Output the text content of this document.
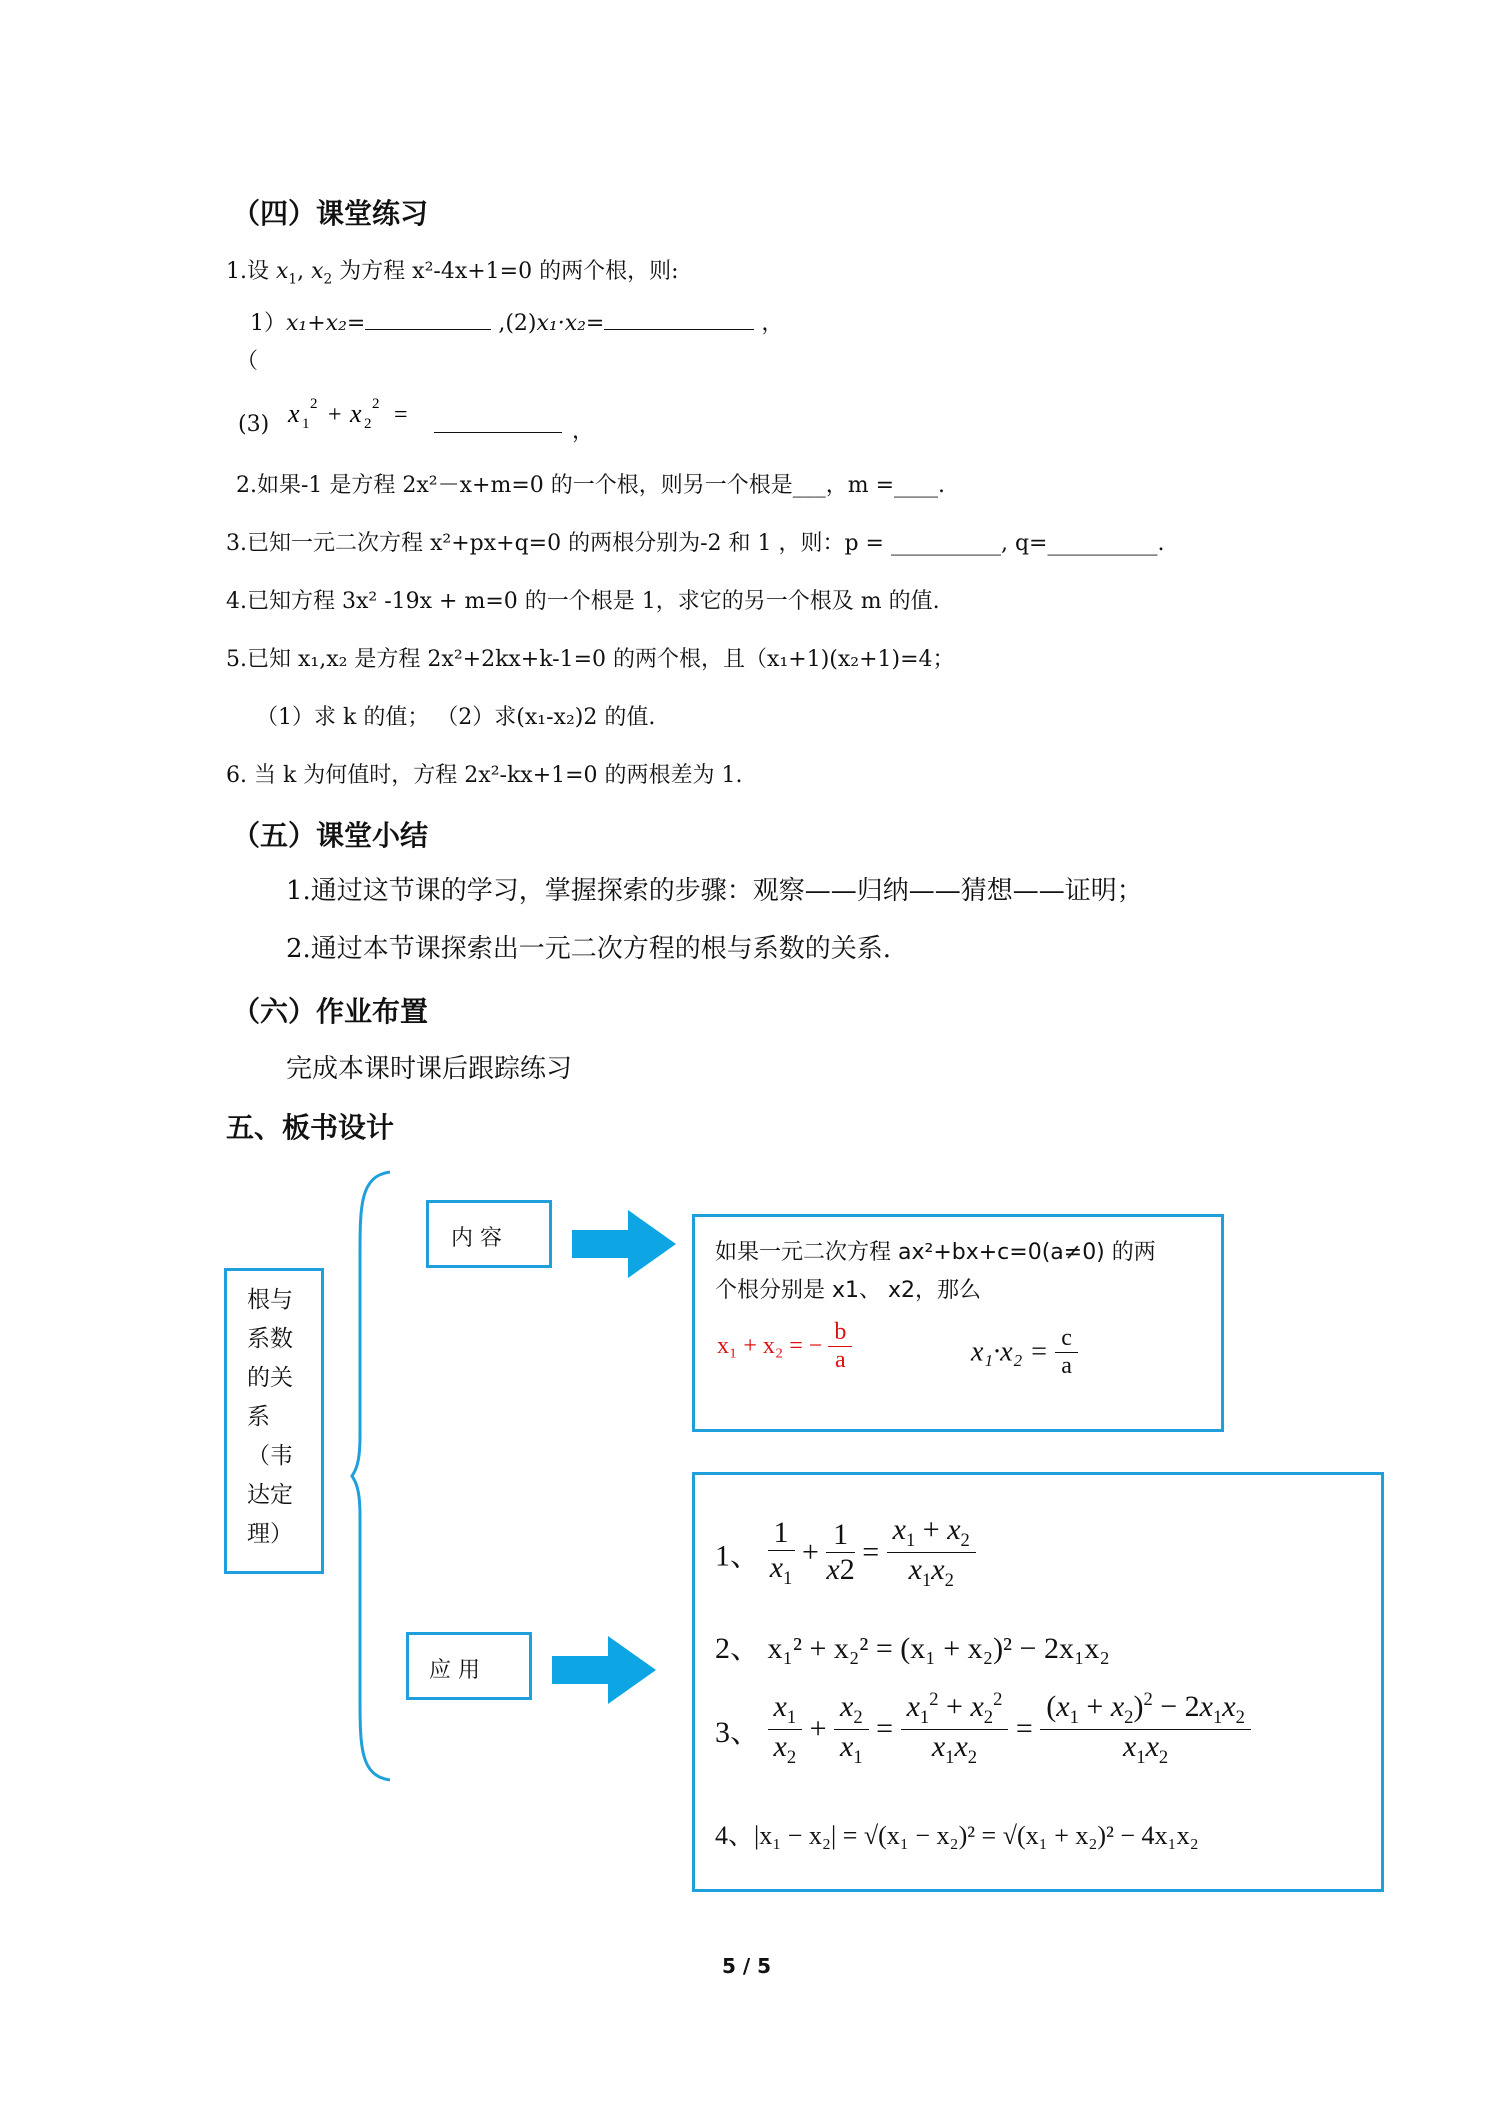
（四）课堂练习
1.设 $x_1$, $x_2$ 为方程 x²-4x+1=0 的两个根，则:
1）x₁+x₂=	,(2)x₁·x₂=	，
（
(3) x 1
2 + x 2
2 =
，
2.如果-1 是方程 2x²－x+m=0 的一个根，则另一个根是___，m =____.
3.已知一元二次方程 x²+px+q=0 的两根分别为-2 和 1 ，则：p = __________, q=__________.
4.已知方程 3x² -19x + m=0 的一个根是 1，求它的另一个根及 m 的值.
5.已知 x₁,x₂ 是方程 2x²+2kx+k-1=0 的两个根，且（x₁+1)(x₂+1)=4；
（1）求 k 的值； （2）求(x₁-x₂)2 的值.
6. 当 k 为何值时，方程 2x²-kx+1=0 的两根差为 1.
（五）课堂小结
1.通过这节课的学习，掌握探索的步骤：观察——归纳——猜想——证明；
2.通过本节课探索出一元二次方程的根与系数的关系.
（六）作业布置
完成本课时课后跟踪练习
五、板书设计
根与
系数
的关
系
（韦
达定
理）
内 容
如果一元二次方程 ax²+bx+c=0(a≠0) 的两
个根分别是 x1、 x2，那么
x₁ + x₂ = − $\frac{b}{a}$	$x_1\cdot x_2 = \frac{c}{a}$
应 用
1、 $\frac{1}{x_1} + \frac{1}{x2} = \frac{x_1 + x_2}{x_1x_2}$
2、 x₁² + x₂² = (x₁ + x₂)² − 2x₁x₂
3、 $\frac{x_1}{x_2} + \frac{x_2}{x_1} = \frac{x_1^2 + x_2^2}{x_1x_2} = \frac{(x_1 + x_2)^2 - 2x_1x_2}{x_1x_2}$
4、|x₁ − x₂| = √(x₁ − x₂)² = √(x₁ + x₂)² − 4x₁x₂
5 / 5
